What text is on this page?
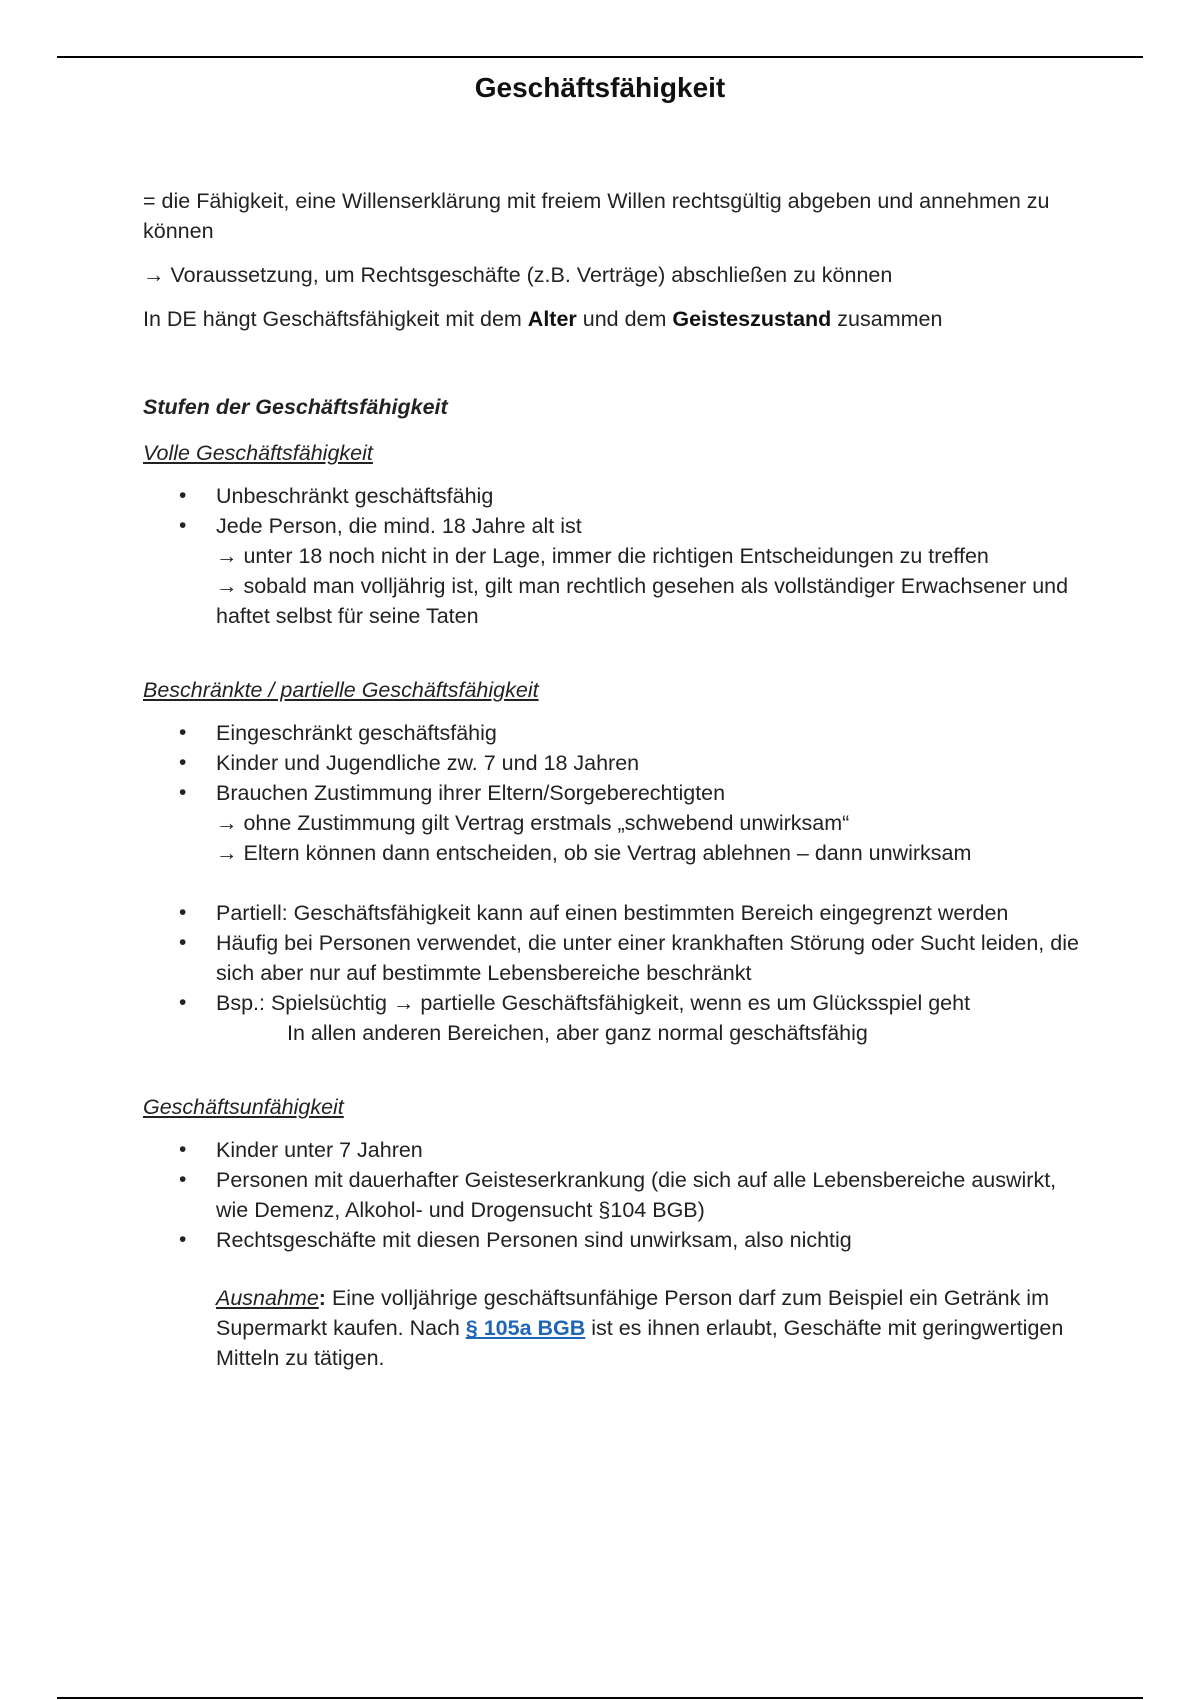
Geschäftsfähigkeit

= die Fähigkeit, eine Willenserklärung mit freiem Willen rechtsgültig abgeben und annehmen zu können

→ Voraussetzung, um Rechtsgeschäfte (z.B. Verträge) abschließen zu können

In DE hängt Geschäftsfähigkeit mit dem Alter und dem Geisteszustand zusammen

Stufen der Geschäftsfähigkeit

Volle Geschäftsfähigkeit

• Unbeschränkt geschäftsfähig
• Jede Person, die mind. 18 Jahre alt ist
→ unter 18 noch nicht in der Lage, immer die richtigen Entscheidungen zu treffen
→ sobald man volljährig ist, gilt man rechtlich gesehen als vollständiger Erwachsener und haftet selbst für seine Taten

Beschränkte / partielle Geschäftsfähigkeit

• Eingeschränkt geschäftsfähig
• Kinder und Jugendliche zw. 7 und 18 Jahren
• Brauchen Zustimmung ihrer Eltern/Sorgeberechtigten
→ ohne Zustimmung gilt Vertrag erstmals „schwebend unwirksam“
→ Eltern können dann entscheiden, ob sie Vertrag ablehnen – dann unwirksam
• Partiell: Geschäftsfähigkeit kann auf einen bestimmten Bereich eingegrenzt werden
• Häufig bei Personen verwendet, die unter einer krankhaften Störung oder Sucht leiden, die sich aber nur auf bestimmte Lebensbereiche beschränkt
• Bsp.: Spielsüchtig → partielle Geschäftsfähigkeit, wenn es um Glücksspiel geht
In allen anderen Bereichen, aber ganz normal geschäftsfähig

Geschäftsunfähigkeit

• Kinder unter 7 Jahren
• Personen mit dauerhafter Geisteserkrankung (die sich auf alle Lebensbereiche auswirkt, wie Demenz, Alkohol- und Drogensucht §104 BGB)
• Rechtsgeschäfte mit diesen Personen sind unwirksam, also nichtig

Ausnahme: Eine volljährige geschäftsunfähige Person darf zum Beispiel ein Getränk im Supermarkt kaufen. Nach § 105a BGB ist es ihnen erlaubt, Geschäfte mit geringwertigen Mitteln zu tätigen.
